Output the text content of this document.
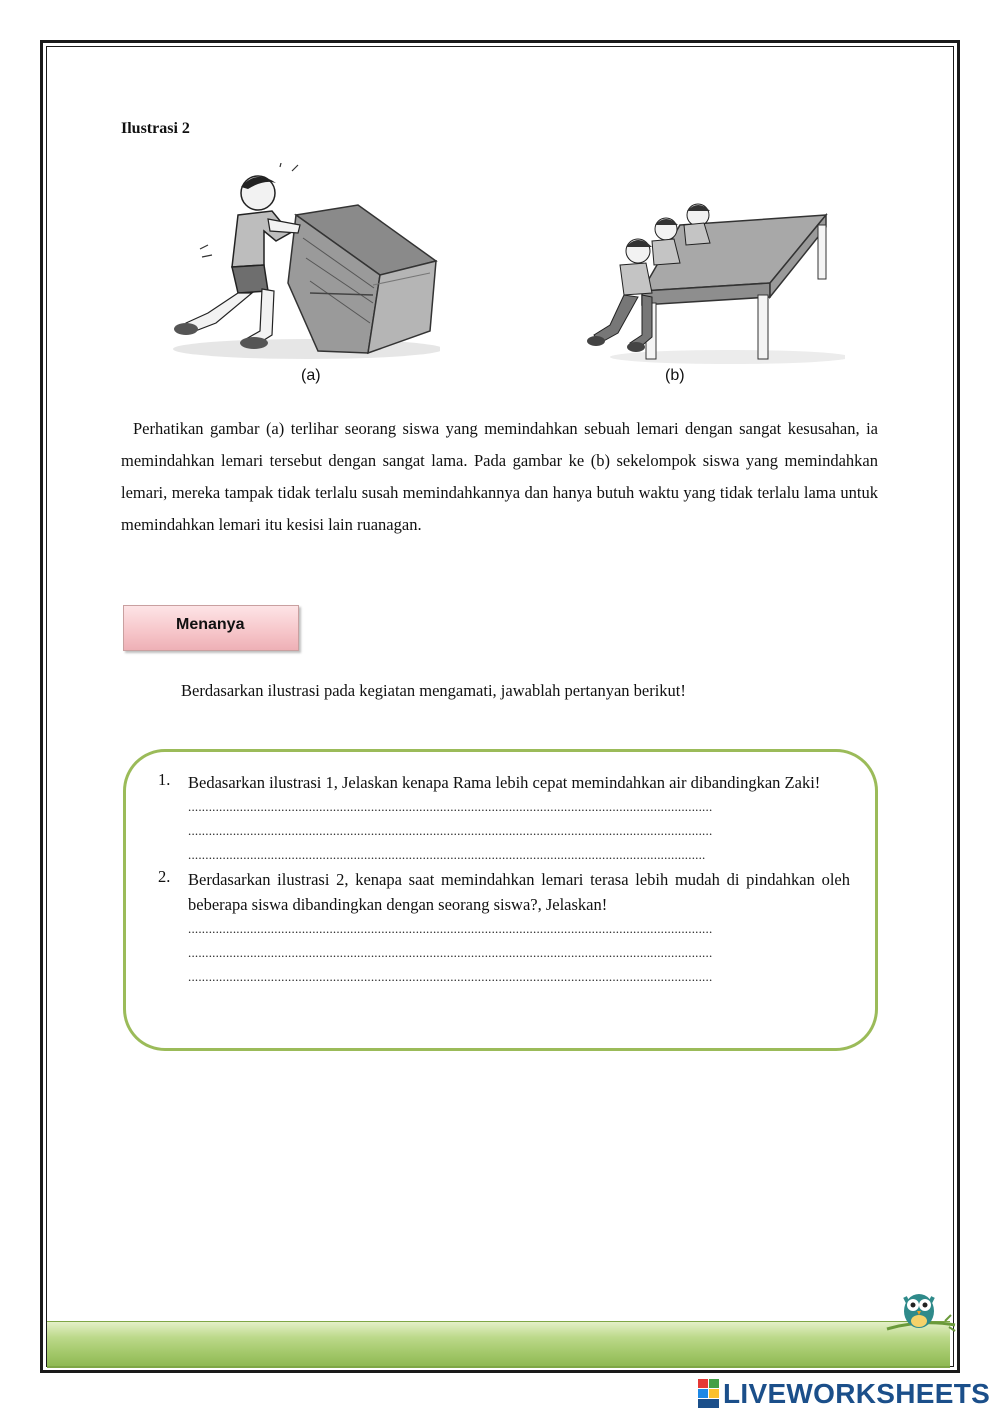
Ilustrasi 2
(a)	(b)
Perhatikan gambar (a) terlihar seorang siswa yang memindahkan sebuah lemari dengan sangat kesusahan, ia memindahkan lemari tersebut dengan sangat lama. Pada gambar ke (b) sekelompok siswa yang memindahkan lemari, mereka tampak tidak terlalu susah memindahkannya dan hanya butuh waktu yang tidak terlalu lama untuk memindahkan lemari itu kesisi lain ruanagan.
Menanya
Berdasarkan ilustrasi pada kegiatan mengamati, jawablah pertanyan berikut!
1.	Bedasarkan ilustrasi 1, Jelaskan kenapa Rama lebih cepat memindahkan air dibandingkan Zaki!
........................................................................................................................................................
........................................................................................................................................................
......................................................................................................................................................
2.	Berdasarkan ilustrasi 2, kenapa saat memindahkan lemari terasa lebih mudah di pindahkan oleh beberapa siswa dibandingkan dengan seorang siswa?, Jelaskan!
........................................................................................................................................................
........................................................................................................................................................
........................................................................................................................................................
LIVEWORKSHEETS
